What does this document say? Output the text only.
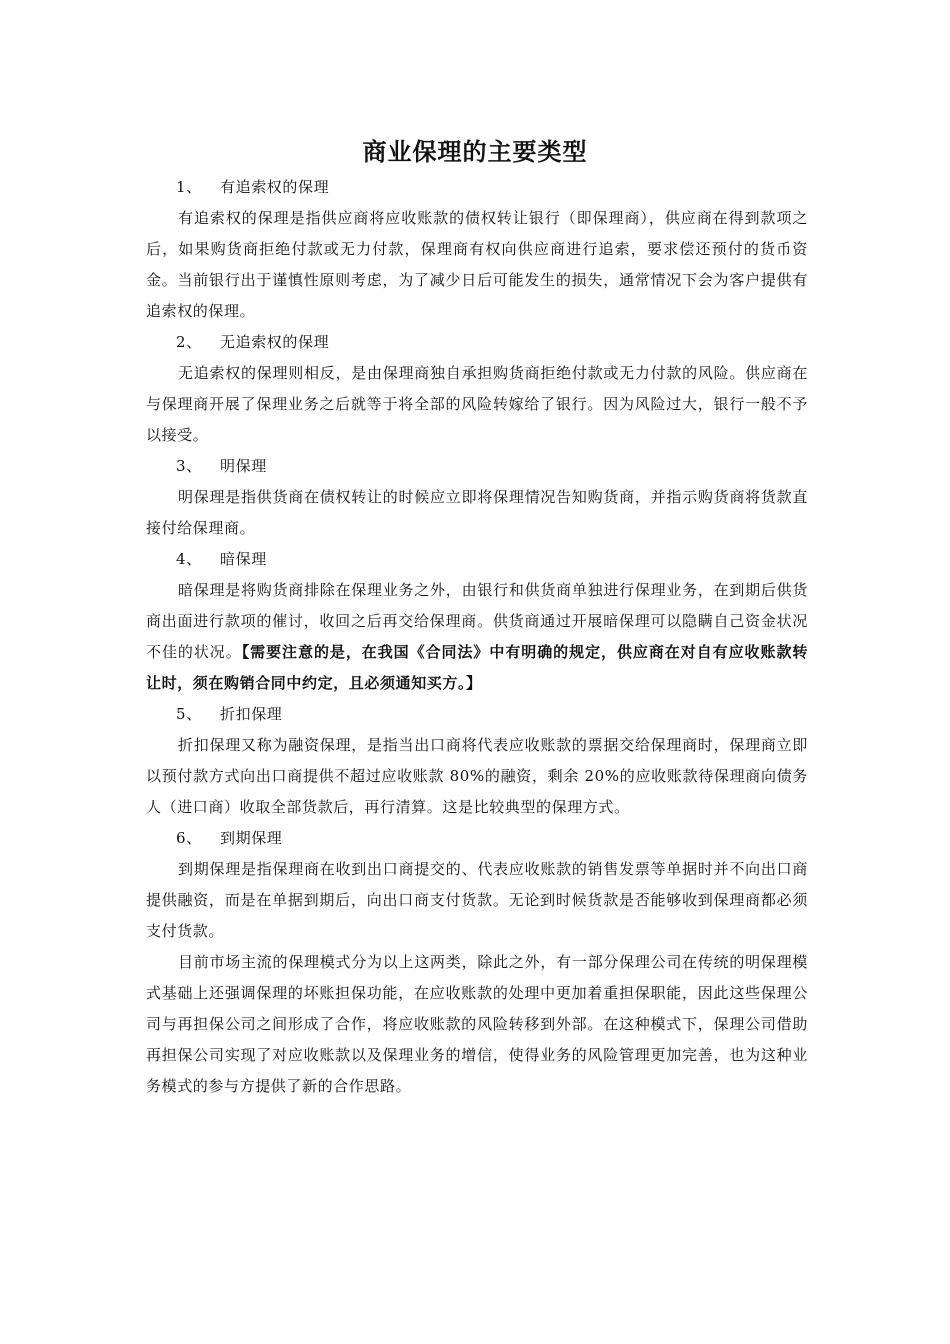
商业保理的主要类型

1、 有追索权的保理

有追索权的保理是指供应商将应收账款的债权转让银行（即保理商），供应商在得到款项之后，如果购货商拒绝付款或无力付款，保理商有权向供应商进行追索，要求偿还预付的货币资金。当前银行出于谨慎性原则考虑，为了减少日后可能发生的损失，通常情况下会为客户提供有追索权的保理。

2、 无追索权的保理

无追索权的保理则相反，是由保理商独自承担购货商拒绝付款或无力付款的风险。供应商在与保理商开展了保理业务之后就等于将全部的风险转嫁给了银行。因为风险过大，银行一般不予以接受。

3、 明保理

明保理是指供货商在债权转让的时候应立即将保理情况告知购货商，并指示购货商将货款直接付给保理商。

4、 暗保理

暗保理是将购货商排除在保理业务之外，由银行和供货商单独进行保理业务，在到期后供货商出面进行款项的催讨，收回之后再交给保理商。供货商通过开展暗保理可以隐瞒自己资金状况不佳的状况。【需要注意的是，在我国《合同法》中有明确的规定，供应商在对自有应收账款转让时，须在购销合同中约定，且必须通知买方。】

5、 折扣保理

折扣保理又称为融资保理，是指当出口商将代表应收账款的票据交给保理商时，保理商立即以预付款方式向出口商提供不超过应收账款 80%的融资，剩余 20%的应收账款待保理商向债务人（进口商）收取全部货款后，再行清算。这是比较典型的保理方式。

6、 到期保理

到期保理是指保理商在收到出口商提交的、代表应收账款的销售发票等单据时并不向出口商提供融资，而是在单据到期后，向出口商支付货款。无论到时候货款是否能够收到保理商都必须支付货款。

目前市场主流的保理模式分为以上这两类，除此之外，有一部分保理公司在传统的明保理模式基础上还强调保理的坏账担保功能，在应收账款的处理中更加着重担保职能，因此这些保理公司与再担保公司之间形成了合作，将应收账款的风险转移到外部。在这种模式下，保理公司借助再担保公司实现了对应收账款以及保理业务的增信，使得业务的风险管理更加完善，也为这种业务模式的参与方提供了新的合作思路。
